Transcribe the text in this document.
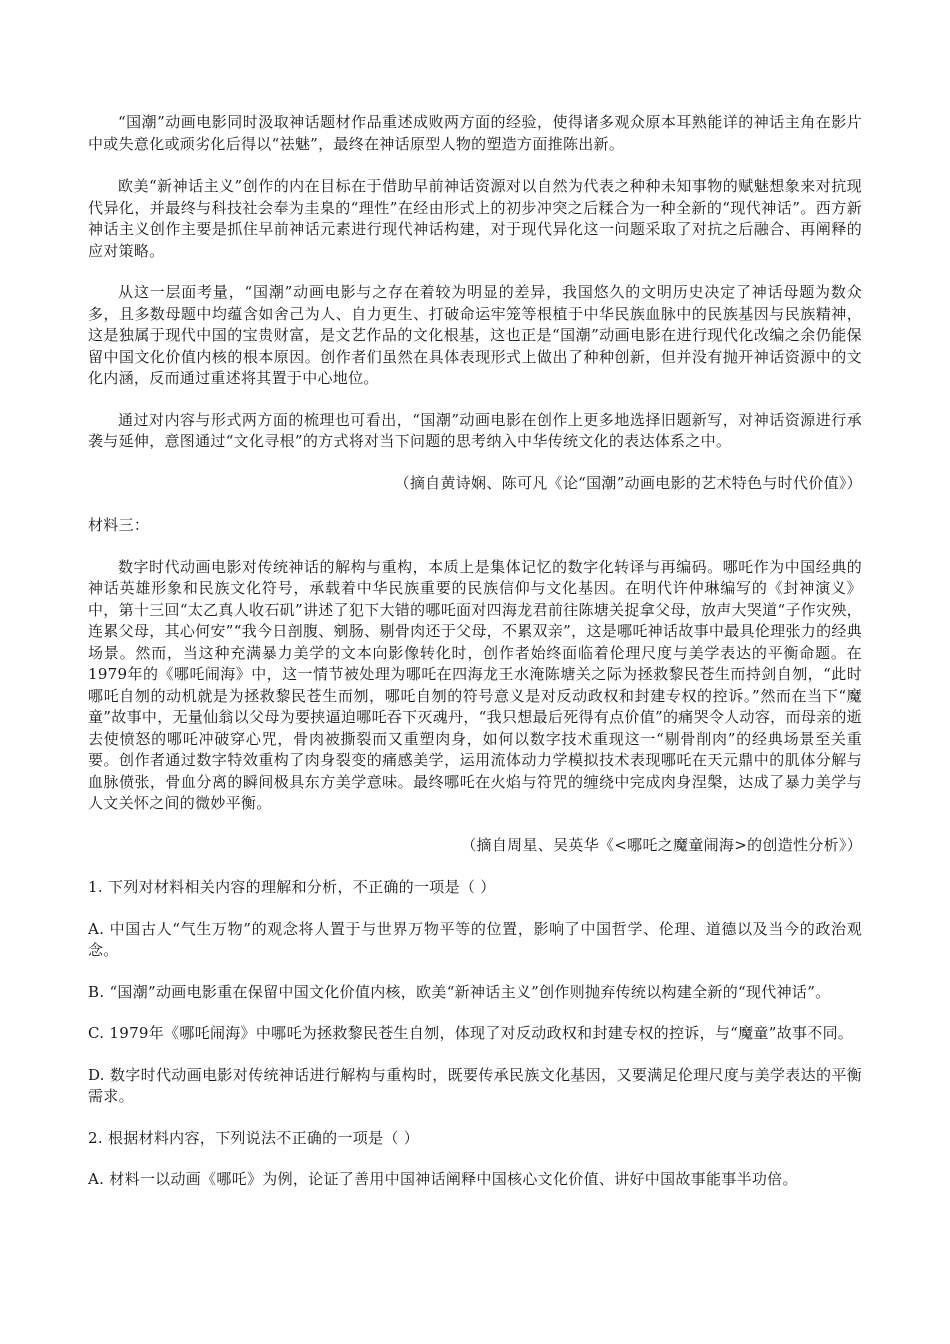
“国潮”动画电影同时汲取神话题材作品重述成败两方面的经验，使得诸多观众原本耳熟能详的神话主角在影片中或失意化或顽劣化后得以“祛魅”，最终在神话原型人物的塑造方面推陈出新。

欧美“新神话主义”创作的内在目标在于借助早前神话资源对以自然为代表之种种未知事物的赋魅想象来对抗现代异化，并最终与科技社会奉为圭臬的“理性”在经由形式上的初步冲突之后糅合为一种全新的“现代神话”。西方新神话主义创作主要是抓住早前神话元素进行现代神话构建，对于现代异化这一问题采取了对抗之后融合、再阐释的应对策略。

从这一层面考量，“国潮”动画电影与之存在着较为明显的差异，我国悠久的文明历史决定了神话母题为数众多，且多数母题中均蕴含如舍己为人、自力更生、打破命运牢笼等根植于中华民族血脉中的民族基因与民族精神，这是独属于现代中国的宝贵财富，是文艺作品的文化根基，这也正是“国潮”动画电影在进行现代化改编之余仍能保留中国文化价值内核的根本原因。创作者们虽然在具体表现形式上做出了种种创新，但并没有抛开神话资源中的文化内涵，反而通过重述将其置于中心地位。

通过对内容与形式两方面的梳理也可看出，“国潮”动画电影在创作上更多地选择旧题新写，对神话资源进行承袭与延伸，意图通过“文化寻根”的方式将对当下问题的思考纳入中华传统文化的表达体系之中。

（摘自黄诗娴、陈可凡《论“国潮”动画电影的艺术特色与时代价值》）

材料三：

数字时代动画电影对传统神话的解构与重构，本质上是集体记忆的数字化转译与再编码。哪吒作为中国经典的神话英雄形象和民族文化符号，承载着中华民族重要的民族信仰与文化基因。在明代许仲琳编写的《封神演义》中，第十三回“太乙真人收石矶”讲述了犯下大错的哪吒面对四海龙君前往陈塘关捉拿父母，放声大哭道“子作灾殃，连累父母，其心何安”“我今日剖腹、剜肠、剔骨肉还于父母，不累双亲”，这是哪吒神话故事中最具伦理张力的经典场景。然而，当这种充满暴力美学的文本向影像转化时，创作者始终面临着伦理尺度与美学表达的平衡命题。在1979年的《哪吒闹海》中，这一情节被处理为哪吒在四海龙王水淹陈塘关之际为拯救黎民苍生而持剑自刎，“此时哪吒自刎的动机就是为拯救黎民苍生而刎，哪吒自刎的符号意义是对反动政权和封建专权的控诉。”然而在当下“魔童”故事中，无量仙翁以父母为要挟逼迫哪吒吞下灭魂丹，“我只想最后死得有点价值”的痛哭令人动容，而母亲的逝去使愤怒的哪吒冲破穿心咒，骨肉被撕裂而又重塑肉身，如何以数字技术重现这一“剔骨削肉”的经典场景至关重要。创作者通过数字特效重构了肉身裂变的痛感美学，运用流体动力学模拟技术表现哪吒在天元鼎中的肌体分解与血脉偾张，骨血分离的瞬间极具东方美学意味。最终哪吒在火焰与符咒的缠绕中完成肉身涅槃，达成了暴力美学与人文关怀之间的微妙平衡。

（摘自周星、吴英华《<哪吒之魔童闹海>的创造性分析》）

1. 下列对材料相关内容的理解和分析，不正确的一项是（ ）

A. 中国古人“气生万物”的观念将人置于与世界万物平等的位置，影响了中国哲学、伦理、道德以及当今的政治观念。

B. “国潮”动画电影重在保留中国文化价值内核，欧美“新神话主义”创作则抛弃传统以构建全新的“现代神话”。

C. 1979年《哪吒闹海》中哪吒为拯救黎民苍生自刎，体现了对反动政权和封建专权的控诉，与“魔童”故事不同。

D. 数字时代动画电影对传统神话进行解构与重构时，既要传承民族文化基因，又要满足伦理尺度与美学表达的平衡需求。

2. 根据材料内容，下列说法不正确的一项是（ ）

A. 材料一以动画《哪吒》为例，论证了善用中国神话阐释中国核心文化价值、讲好中国故事能事半功倍。
